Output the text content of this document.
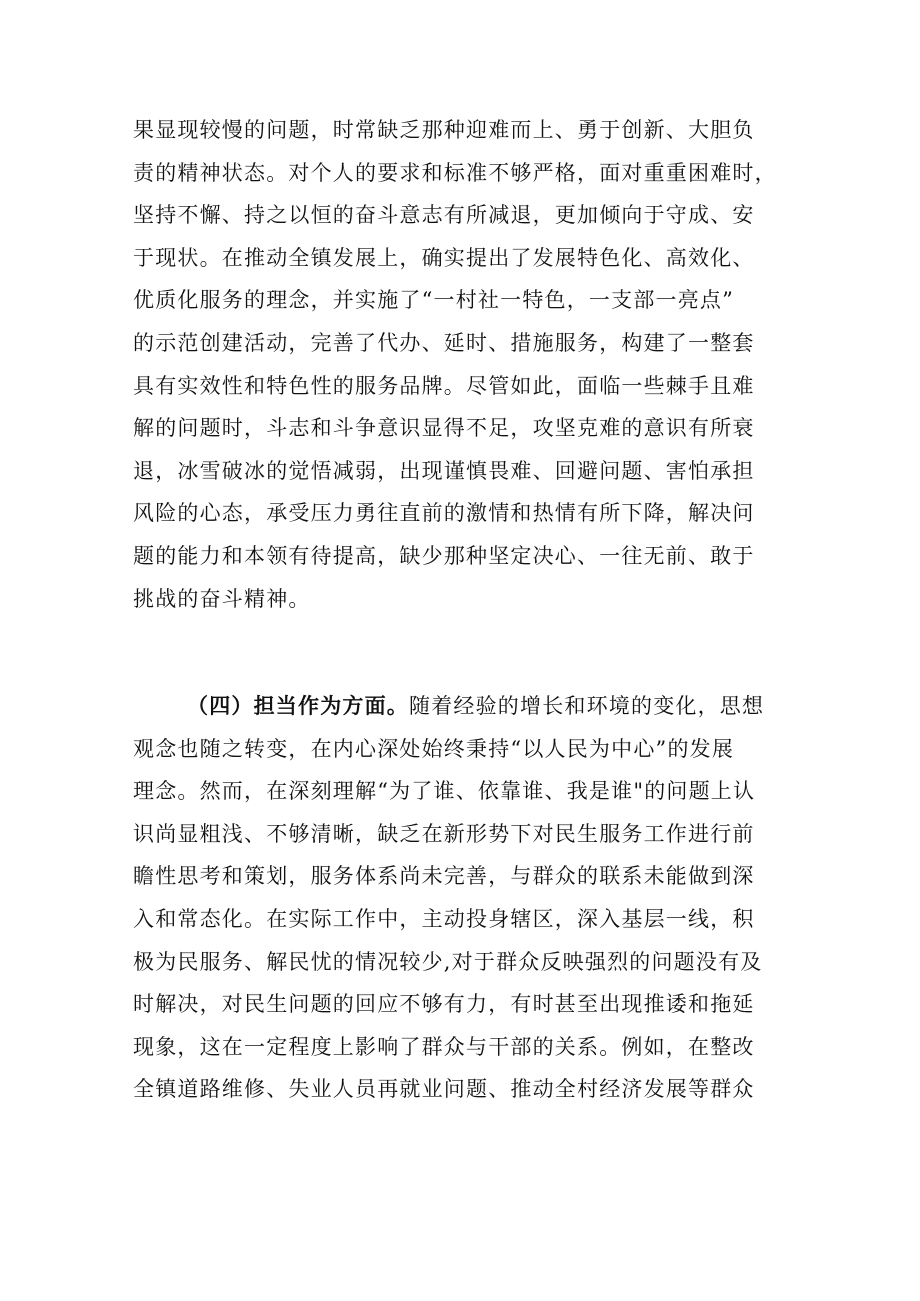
果显现较慢的问题，时常缺乏那种迎难而上、勇于创新、大胆负
责的精神状态。对个人的要求和标准不够严格，面对重重困难时，
坚持不懈、持之以恒的奋斗意志有所减退，更加倾向于守成、安
于现状。在推动全镇发展上，确实提出了发展特色化、高效化、
优质化服务的理念，并实施了“一村社一特色，一支部一亮点”
的示范创建活动，完善了代办、延时、措施服务，构建了一整套
具有实效性和特色性的服务品牌。尽管如此，面临一些棘手且难
解的问题时，斗志和斗争意识显得不足，攻坚克难的意识有所衰
退，冰雪破冰的觉悟减弱，出现谨慎畏难、回避问题、害怕承担
风险的心态，承受压力勇往直前的激情和热情有所下降，解决问
题的能力和本领有待提高，缺少那种坚定决心、一往无前、敢于
挑战的奋斗精神。
（四）担当作为方面。随着经验的增长和环境的变化，思想
观念也随之转变，在内心深处始终秉持“以人民为中心”的发展
理念。然而，在深刻理解“为了谁、依靠谁、我是谁"的问题上认
识尚显粗浅、不够清晰，缺乏在新形势下对民生服务工作进行前
瞻性思考和策划，服务体系尚未完善，与群众的联系未能做到深
入和常态化。在实际工作中，主动投身辖区，深入基层一线，积
极为民服务、解民忧的情况较少,对于群众反映强烈的问题没有及
时解决，对民生问题的回应不够有力，有时甚至出现推诿和拖延
现象，这在一定程度上影响了群众与干部的关系。例如，在整改
全镇道路维修、失业人员再就业问题、推动全村经济发展等群众
